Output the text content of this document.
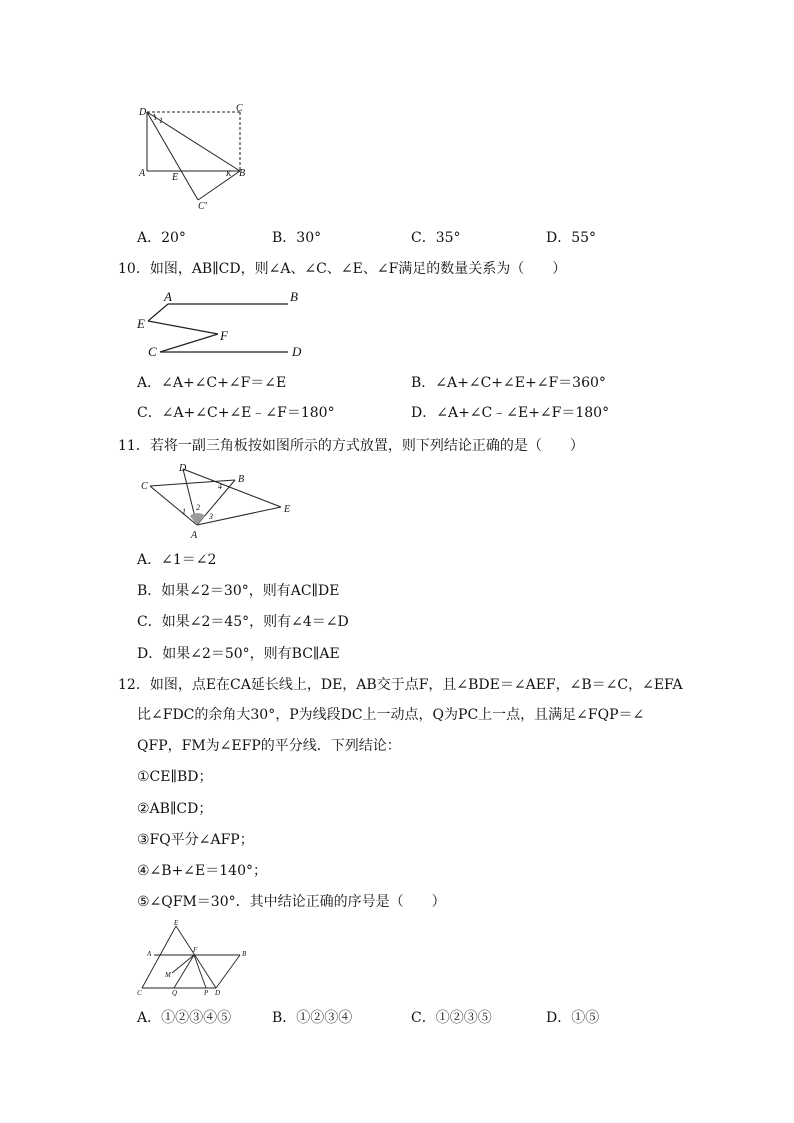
D	C
A	E	B
K
C′
1
A．20°	B．30°	C．35°	D．55°
10．如图，AB∥CD，则∠A、∠C、∠E、∠F满足的数量关系为（　　）
A	B
E
F
C	D
A．∠A+∠C+∠F＝∠E	B．∠A+∠C+∠E+∠F＝360°
C．∠A+∠C+∠E﹣∠F＝180°	D．∠A+∠C﹣∠E+∠F＝180°
11．若将一副三角板按如图所示的方式放置，则下列结论正确的是（　　）
D
C
B
E
A
1 2
3
4
A．∠1＝∠2
B．如果∠2＝30°，则有AC∥DE
C．如果∠2＝45°，则有∠4＝∠D
D．如果∠2＝50°，则有BC∥AE
12．如图，点E在CA延长线上，DE，AB交于点F，且∠BDE＝∠AEF，∠B＝∠C，∠EFA
比∠FDC的余角大30°，P为线段DC上一动点，Q为PC上一点，且满足∠FQP＝∠
QFP，FM为∠EFP的平分线．下列结论：
①CE∥BD；
②AB∥CD；
③FQ平分∠AFP；
④∠B+∠E＝140°；
⑤∠QFM＝30°．其中结论正确的序号是（　　）
E
A	F	B
M
C	Q	P D
A．①②③④⑤	B．①②③④	C．①②③⑤	D．①⑤
